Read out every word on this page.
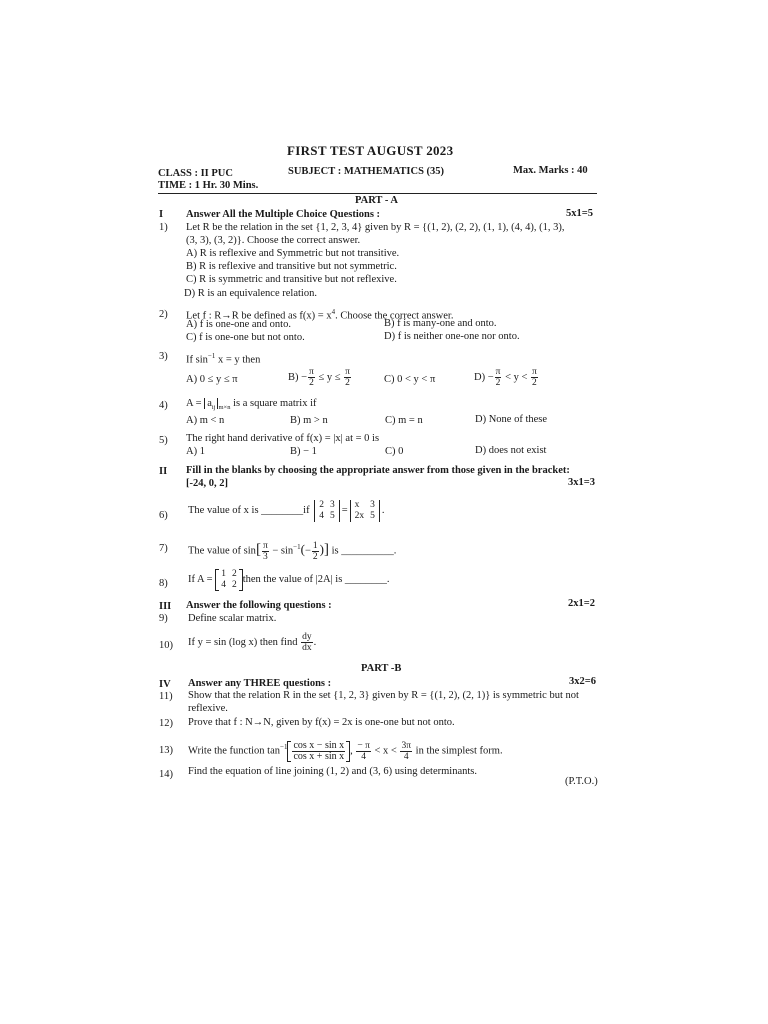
FIRST TEST AUGUST 2023
CLASS : II PUC	SUBJECT : MATHEMATICS (35)	Max. Marks : 40
TIME : 1 Hr. 30 Mins.
PART - A
I Answer All the Multiple Choice Questions :	5x1=5
1) Let R be the relation in the set {1, 2, 3, 4} given by R = {(1, 2), (2, 2), (1, 1), (4, 4), (1, 3),
(3, 3), (3, 2)}. Choose the correct answer.
A) R is reflexive and Symmetric but not transitive.
B) R is reflexive and transitive but not symmetric.
C) R is symmetric and transitive but not reflexive.
D) R is an equivalence relation.
2) Let f : R→R be defined as $f(x) = x^4$. Choose the correct answer.
A) f is one-one and onto.	B) f is many-one and onto.
C) f is one-one but not onto.	D) f is neither one-one nor onto.
3) If $\sin^{-1} x = y$ then
A) 0 ≤ y ≤ π	$B) - \frac{\pi}{2} \le y \le \frac{\pi}{2}$	C) 0 < y < π	$D) - \frac{\pi}{2} < y < \frac{\pi}{2}$
4) $A = a_{ij}$ $_{m\times n}$ is a square matrix if
A) m < n	B) m > n	C) m = n	D) None of these
5) The right hand derivative of f(x) = |x| at = 0 is
A) 1	B) − 1	C) 0	D) does not exist
II Fill in the blanks by choosing the appropriate answer from those given in the bracket:
[-24, 0, 2]	3x1=3
6) The value of x is ________if
2 3
4 5 =
x	3
2x 5 .
7) The value of $\sin[ \frac{\pi}{3} - \sin^{-1}(- \frac{1}{2}$ )] is __________.
8) If A =
1 2
4 2 then the value of |2A| is ________.
III Answer the following questions :	2x1=2
9) Define scalar matrix.
10) If y = sin (log x) then find $\frac{dy}{dx}$ .
PART -B
IV Answer any THREE questions :	3x2=6
11) Show that the relation R in the set {1, 2, 3} given by R = {(1, 2), (2, 1)} is symmetric but not
reflexive.
12) Prove that f : N→N, given by f(x) = 2x is one-one but not onto.
13) Write the function $\tan^{-1} \frac{\text{cos x − sin x}}{\text{cos x + sin x}}$ , $\frac{- \pi}{4} < x < \frac{3\pi}{4}$ in the simplest form.
14) Find the equation of line joining (1, 2) and (3, 6) using determinants.
(P.T.O.)
